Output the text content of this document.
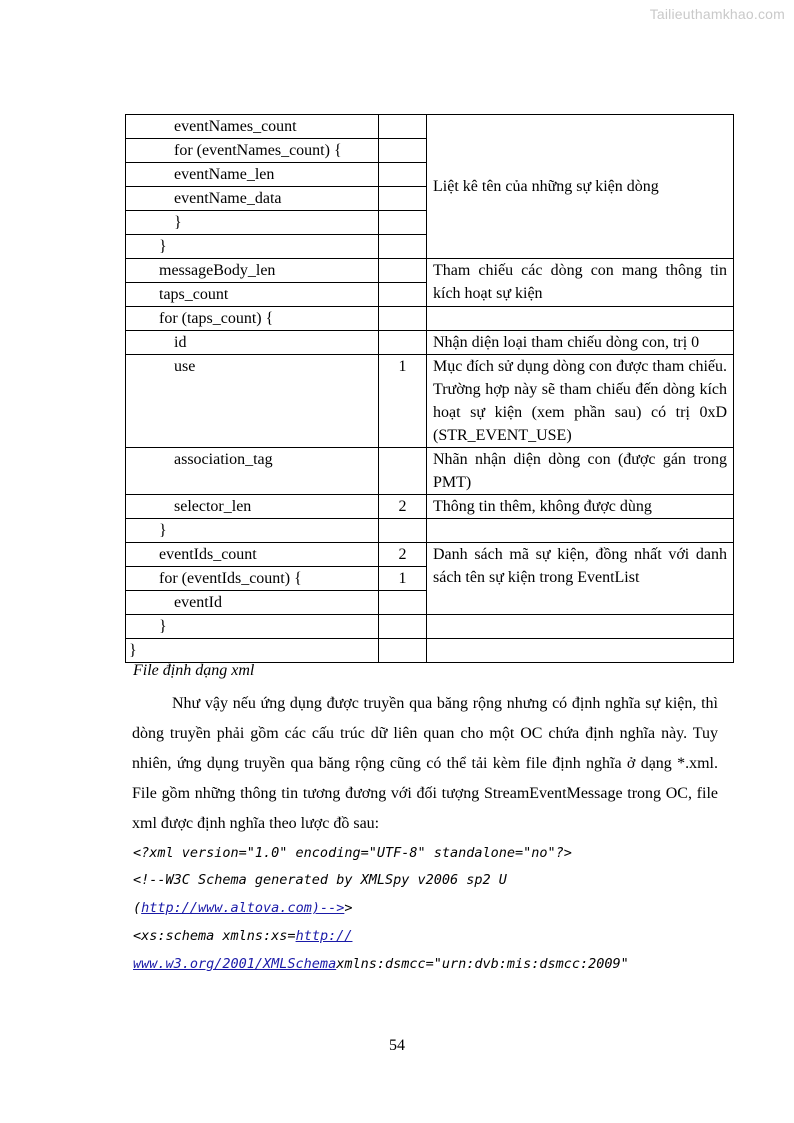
Tailieuthamkhao.com
eventNames_count		Liệt kê tên của những sự kiện dòng
for (eventNames_count) {		
eventName_len		
eventName_data		
}		
}		
messageBody_len		Tham chiếu các dòng con mang thông tin kích hoạt sự kiện
taps_count		
for (taps_count) {		
id		Nhận diện loại tham chiếu dòng con, trị 0
use	1	Mục đích sử dụng dòng con được tham chiếu. Trường hợp này sẽ tham chiếu đến dòng kích hoạt sự kiện (xem phần sau) có trị 0xD (STR_EVENT_USE)
association_tag		Nhãn nhận diện dòng con (được gán trong PMT)
selector_len	2	Thông tin thêm, không được dùng
}		
eventIds_count	2	Danh sách mã sự kiện, đồng nhất với danh sách tên sự kiện trong EventList
for (eventIds_count) {	1	
eventId		
}		
}		
File định dạng xml

Như vậy nếu ứng dụng được truyền qua băng rộng nhưng có định nghĩa sự kiện, thì dòng truyền phải gồm các cấu trúc dữ liên quan cho một OC chứa định nghĩa này. Tuy nhiên, ứng dụng truyền qua băng rộng cũng có thể tải kèm file định nghĩa ở dạng *.xml. File gồm những thông tin tương đương với đối tượng StreamEventMessage trong OC, file xml được định nghĩa theo lược đồ sau:

<?xml version="1.0" encoding="UTF-8" standalone="no"?>
<!--W3C Schema generated by XMLSpy v2006 sp2 U
(http://www.altova.com)-->>
<xs:schema xmlns:xs=http://
www.w3.org/2001/XMLSchemaxmlns:dsmcc="urn:dvb:mis:dsmcc:2009"
54
